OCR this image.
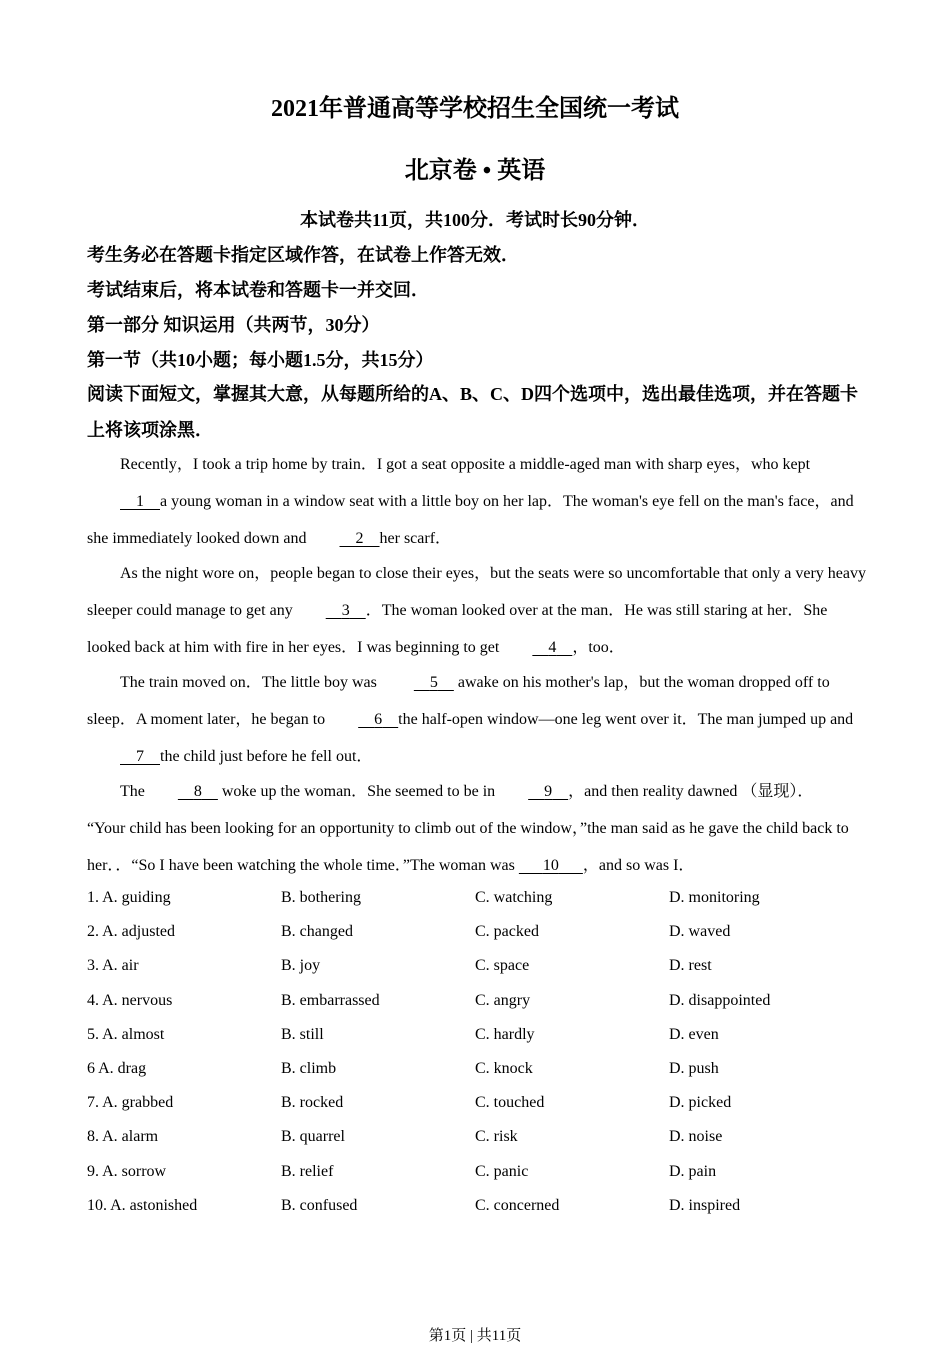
2021年普通高等学校招生全国统一考试
北京卷 • 英语
本试卷共11页，共100分．考试时长90分钟．
考生务必在答题卡指定区域作答，在试卷上作答无效．
考试结束后，将本试卷和答题卡一并交回．
第一部分 知识运用（共两节，30分）
第一节（共10小题；每小题1.5分，共15分）
阅读下面短文，掌握其大意，从每题所给的A、B、C、D四个选项中，选出最佳选项，并在答题卡上将该项涂黑．
Recently，I took a trip home by train．I got a seat opposite a middle-aged man with sharp eyes，who kept    1 a young woman in a window seat with a little boy on her lap．The woman's eye fell on the man's face，and she immediately looked down and	2 her scarf．
As the night wore on，people began to close their eyes，but the seats were so uncomfortable that only a very heavy sleeper could manage to get any	3 ．The woman looked over at the man．He was still staring at her．She looked back at him with fire in her eyes．I was beginning to get	4 ，too．
The train moved on．The little boy was	5 awake on his mother's lap，but the woman dropped off to sleep．A moment later，he began to	6 the half-open window—one leg went over it．The man jumped up and     7 the child just before he fell out．
The	8 woke up the woman．She seemed to be in	9 ，and then reality dawned （显现）．
“Your child has been looking for an opportunity to climb out of the window，”the man said as he gave the child back to her．．“So I have been watching the whole time．”The woman was 10 ，and so was I．
1. A. guiding	B. bothering	C. watching	D. monitoring
2. A. adjusted	B. changed	C. packed	D. waved
3. A. air	B. joy	C. space	D. rest
4. A. nervous	B. embarrassed	C. angry	D. disappointed
5. A. almost	B. still	C. hardly	D. even
6 A. drag	B. climb	C. knock	D. push
7. A. grabbed	B. rocked	C. touched	D. picked
8. A. alarm	B. quarrel	C. risk	D. noise
9. A. sorrow	B. relief	C. panic	D. pain
10. A. astonished	B. confused	C. concerned	D. inspired
第1页 | 共11页
